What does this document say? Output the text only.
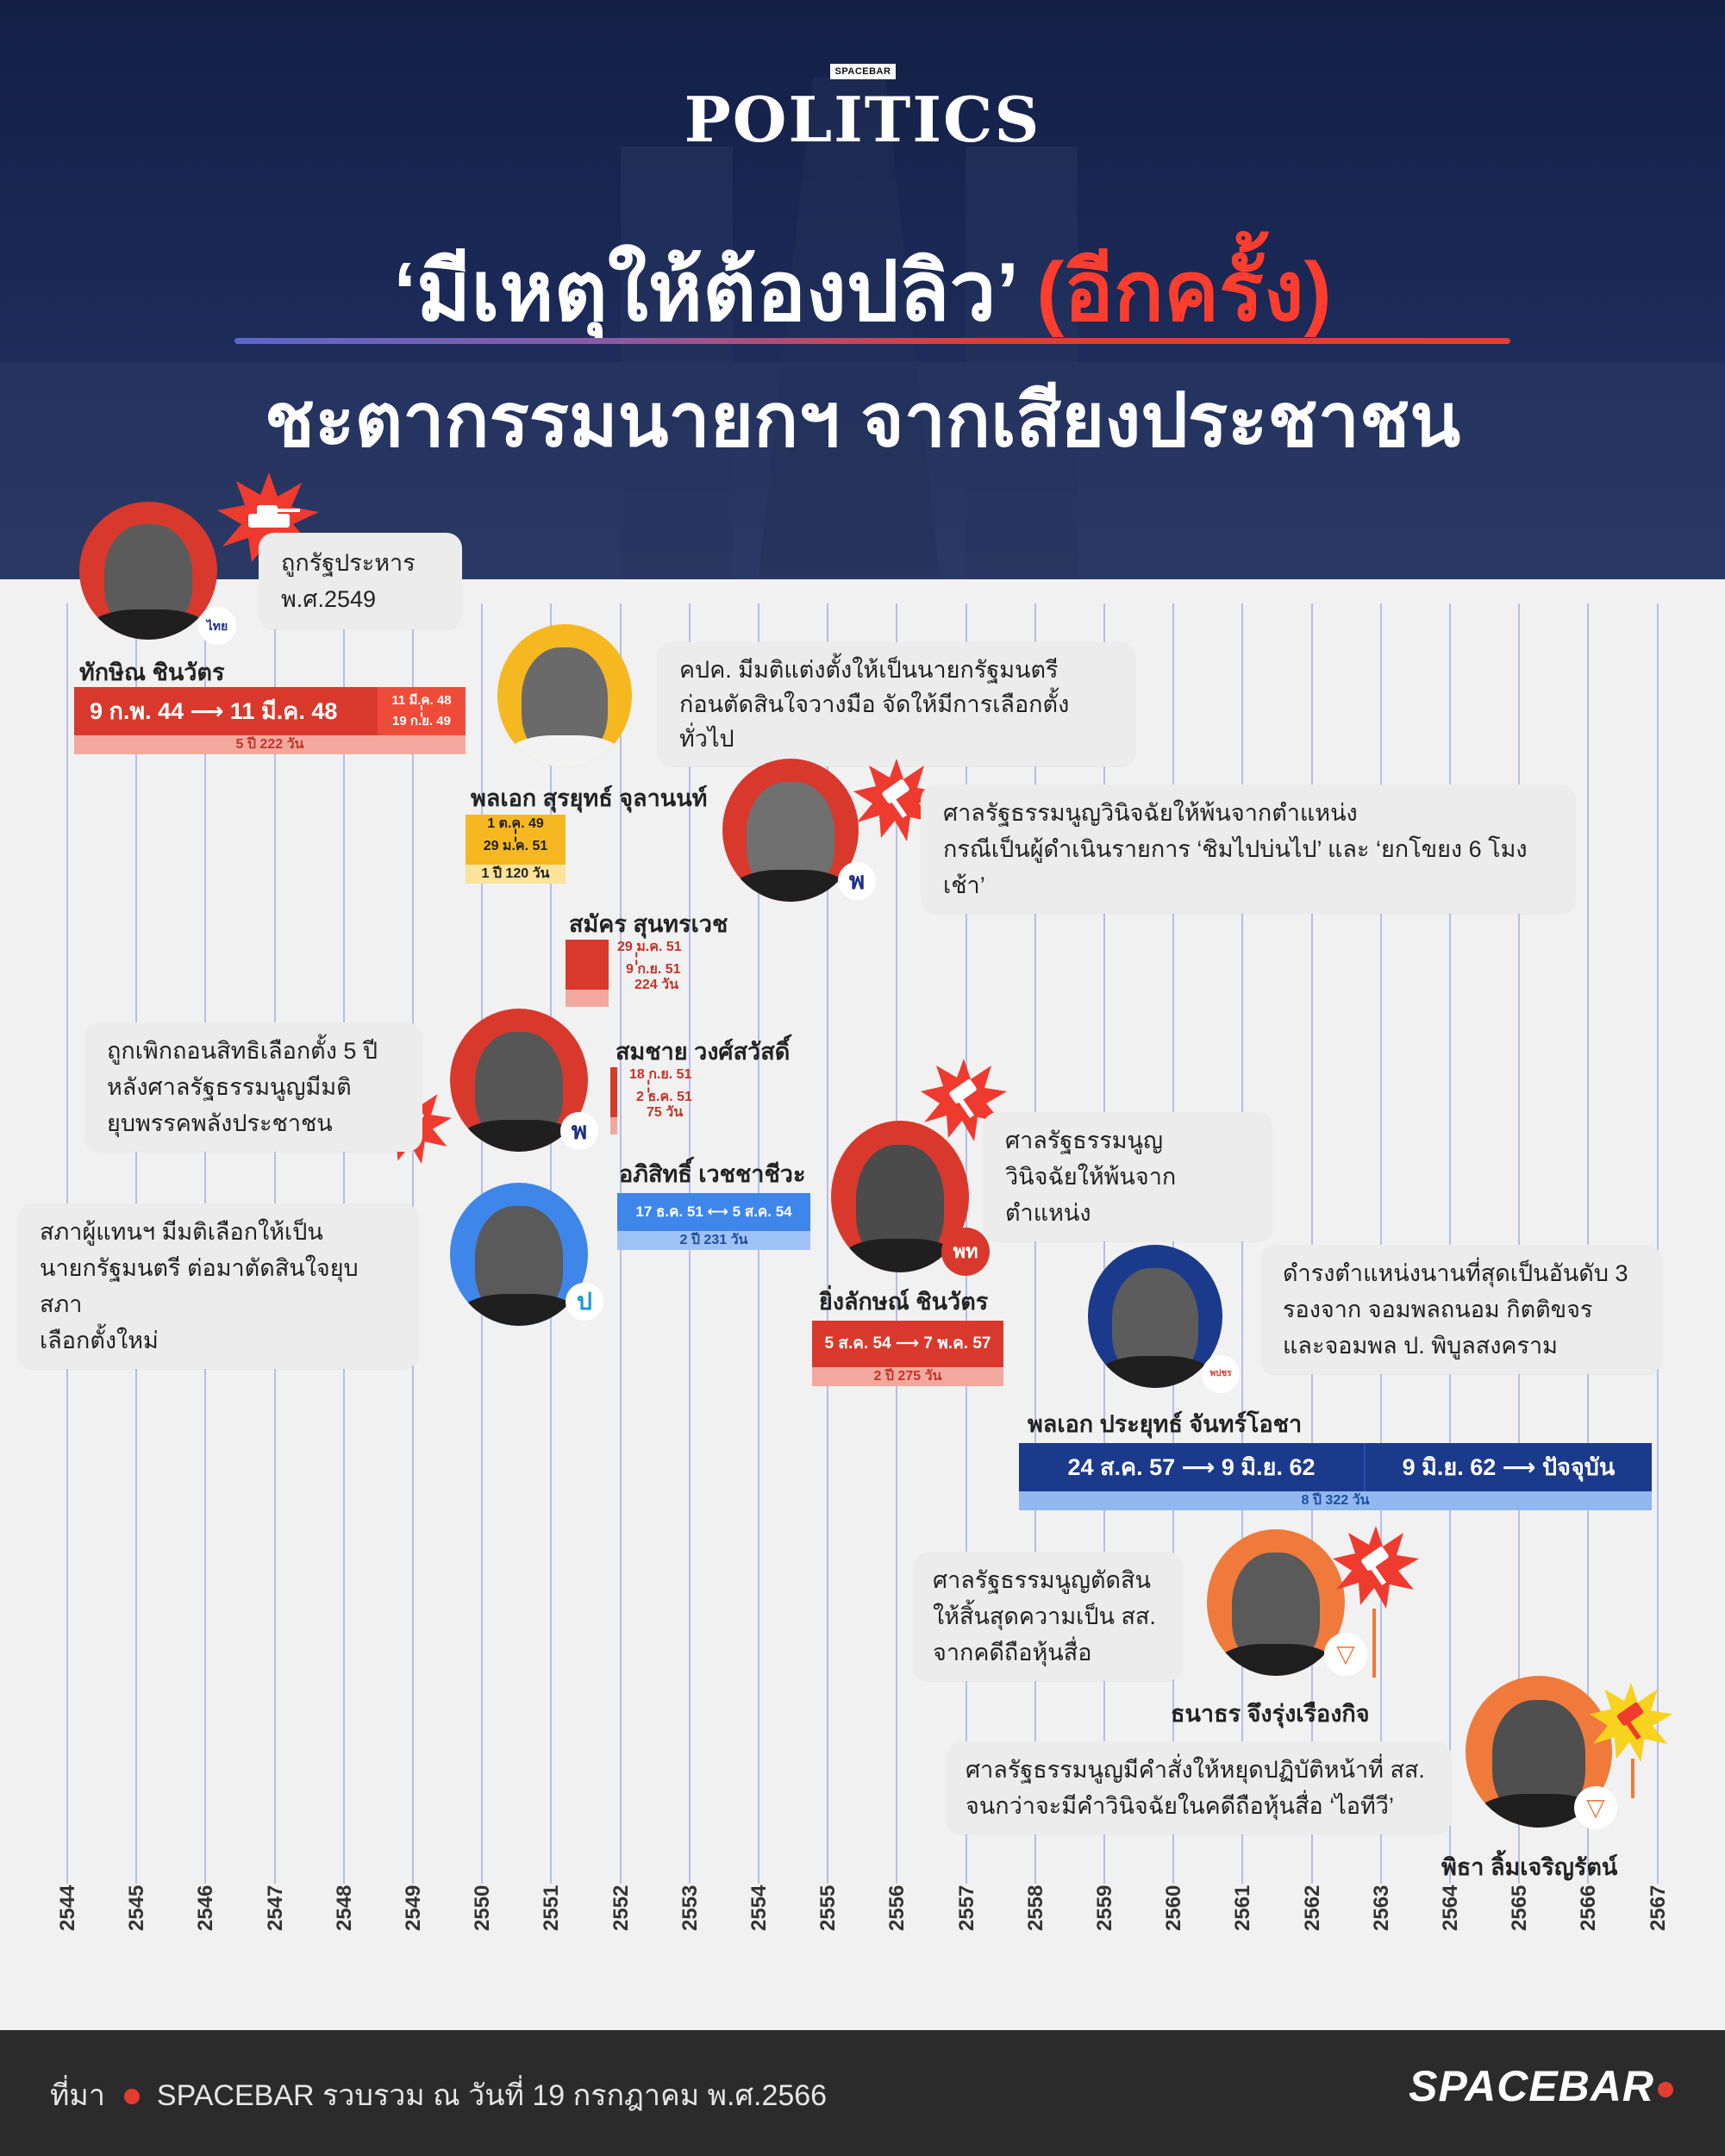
SPACEBAR
POLITICS
‘มีเหตุให้ต้องปลิว’ (อีกครั้ง)
ชะตากรรมนายกฯ จากเสียงประชาชน
2544 2545 2546 2547 2548 2549 2550 2551 2552 2553 2554 2555 2556 2557 2558 2559 2560 2561 2562 2563 2564 2565 2566 2567
ไทย
ถูกรัฐประหาร
พ.ศ.2549
ทักษิณ ชินวัตร
9 ก.พ. 44 ⟶ 11 มี.ค. 48	11 มี.ค. 48
¦
19 ก.ย. 49
5 ปี 222 วัน
คปค. มีมติแต่งตั้งให้เป็นนายกรัฐมนตรี
ก่อนตัดสินใจวางมือ จัดให้มีการเลือกตั้งทั่วไป
พลเอก สุรยุทธ์ จุลานนท์
1 ต.ค. 49
¦
29 ม.ค. 51
1 ปี 120 วัน	พ
ศาลรัฐธรรมนูญวินิจฉัยให้พ้นจากตำแหน่ง
กรณีเป็นผู้ดำเนินรายการ ‘ชิมไปบ่นไป’ และ ‘ยกโขยง 6 โมงเช้า’
สมัคร สุนทรเวช
29 ม.ค. 51
¦
9 ก.ย. 51
224 วัน
พ
ถูกเพิกถอนสิทธิเลือกตั้ง 5 ปี
หลังศาลรัฐธรรมนูญมีมติ
ยุบพรรคพลังประชาชน
สมชาย วงศ์สวัสดิ์
18 ก.ย. 51
¦
2 ธ.ค. 51
75 วัน
ป
สภาผู้แทนฯ มีมติเลือกให้เป็น
นายกรัฐมนตรี ต่อมาตัดสินใจยุบสภา
เลือกตั้งใหม่
อภิสิทธิ์ เวชชาชีวะ
17 ธ.ค. 51 ⟷ 5 ส.ค. 54
2 ปี 231 วัน
พท
ศาลรัฐธรรมนูญ
วินิจฉัยให้พ้นจากตำแหน่ง
ยิ่งลักษณ์ ชินวัตร
5 ส.ค. 54 ⟶ 7 พ.ค. 57
2 ปี 275 วัน	พปชร
ดำรงตำแหน่งนานที่สุดเป็นอันดับ 3
รองจาก จอมพลถนอม กิตติขจร
และจอมพล ป. พิบูลสงคราม
พลเอก ประยุทธ์ จันทร์โอชา
24 ส.ค. 57 ⟶ 9 มิ.ย. 62	9 มิ.ย. 62 ⟶ ปัจจุบัน
8 ปี 322 วัน
▽
ศาลรัฐธรรมนูญตัดสิน
ให้สิ้นสุดความเป็น สส.
จากคดีถือหุ้นสื่อ
ธนาธร จึงรุ่งเรืองกิจ
▽
ศาลรัฐธรรมนูญมีคำสั่งให้หยุดปฏิบัติหน้าที่ สส.
จนกว่าจะมีคำวินิจฉัยในคดีถือหุ้นสื่อ ‘ไอทีวี’
พิธา ลิ้มเจริญรัตน์
ที่มา SPACEBAR รวบรวม ณ วันที่ 19 กรกฎาคม พ.ศ.2566	SPACEBAR
